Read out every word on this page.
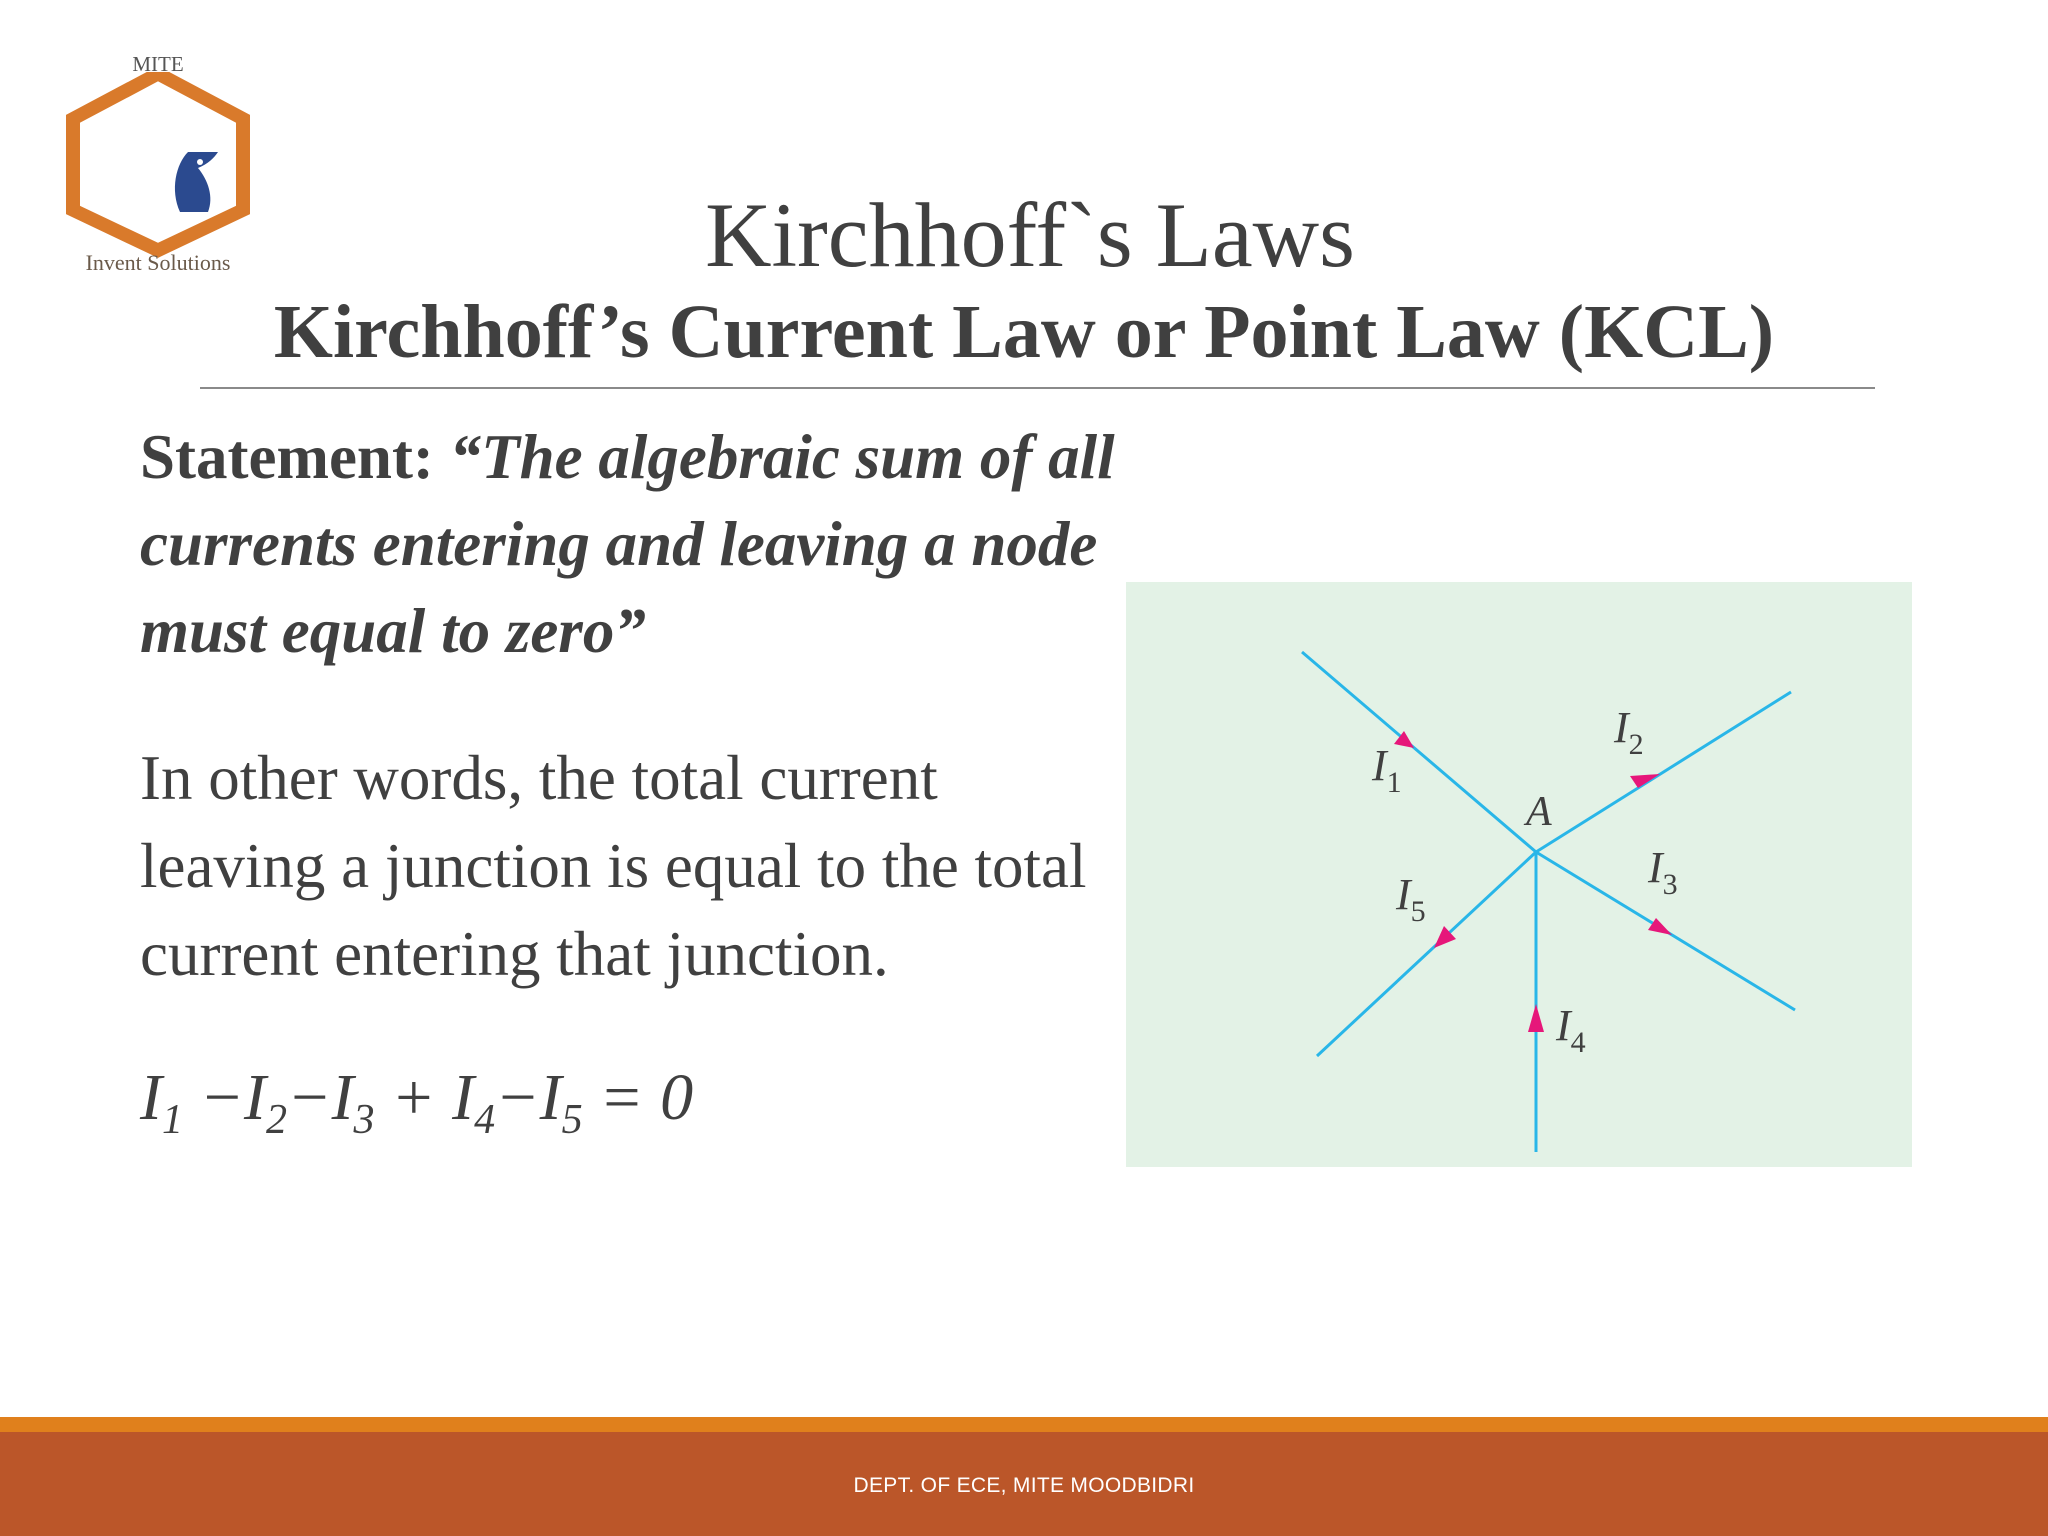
MITE
Invent Solutions	Kirchhoff`s Laws
Kirchhoff’s Current Law or Point Law (KCL)
Statement: “The algebraic sum of all currents entering and leaving a node must equal to zero”
In other words, the total current leaving a junction is equal to the total current entering that junction.
$I_1 -I_2-I_3 + I_4-I_5 = 0$
A
$I_1$
$I_2$
$I_3$
$I_4$
$I_5$
DEPT. OF ECE, MITE MOODBIDRI
